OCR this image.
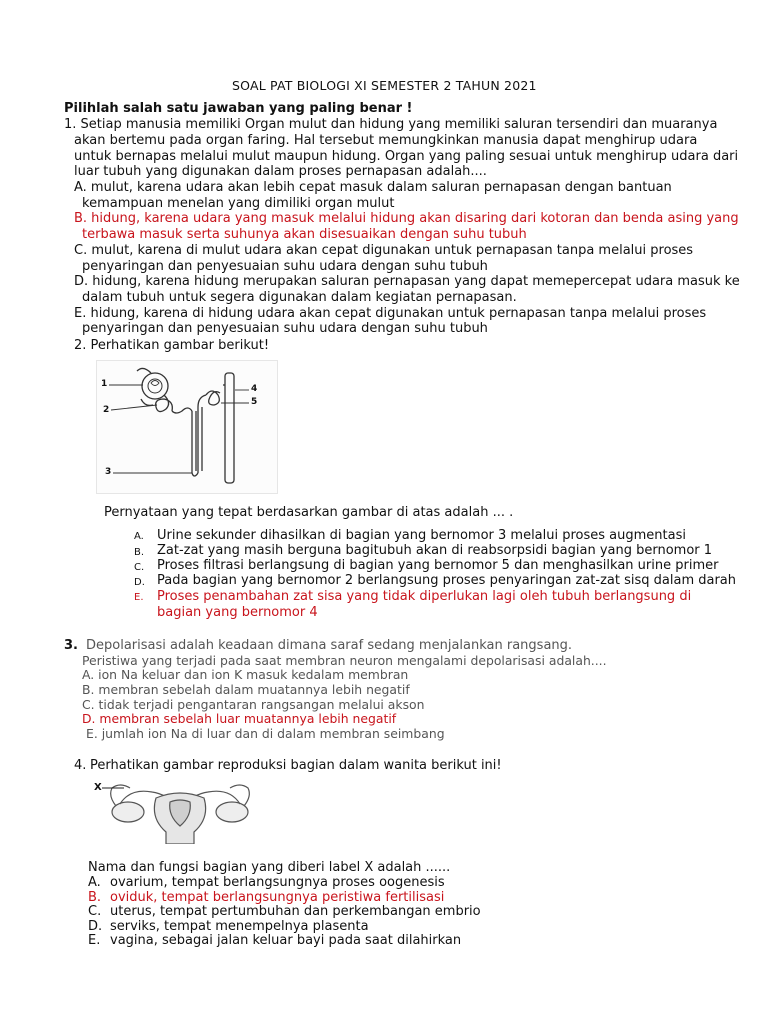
SOAL PAT BIOLOGI XI SEMESTER 2 TAHUN 2021
Pilihlah salah satu jawaban yang paling benar !
1. Setiap manusia memiliki Organ mulut dan hidung yang memiliki saluran tersendiri dan muaranya
akan bertemu pada organ faring. Hal tersebut memungkinkan manusia dapat menghirup udara
untuk bernapas melalui mulut maupun hidung. Organ yang paling sesuai untuk menghirup udara dari
luar tubuh yang digunakan dalam proses pernapasan adalah....
A. mulut, karena udara akan lebih cepat masuk dalam saluran pernapasan dengan bantuan
kemampuan menelan yang dimiliki organ mulut
B. hidung, karena udara yang masuk melalui hidung akan disaring dari kotoran dan benda asing yang
terbawa masuk serta suhunya akan disesuaikan dengan suhu tubuh
C. mulut, karena di mulut udara akan cepat digunakan untuk pernapasan tanpa melalui proses
penyaringan dan penyesuaian suhu udara dengan suhu tubuh
D. hidung, karena hidung merupakan saluran pernapasan yang dapat memepercepat udara masuk ke
dalam tubuh untuk segera digunakan dalam kegiatan pernapasan.
E. hidung, karena di hidung udara akan cepat digunakan untuk pernapasan tanpa melalui proses
penyaringan dan penyesuaian suhu udara dengan suhu tubuh
2. Perhatikan gambar berikut!
1
2
3
4
5
Pernyataan yang tepat berdasarkan gambar di atas adalah ... .
A. Urine sekunder dihasilkan di bagian yang bernomor 3 melalui proses augmentasi
B. Zat-zat yang masih berguna bagitubuh akan di reabsorpsidi bagian yang bernomor 1
C. Proses filtrasi berlangsung di bagian yang bernomor 5 dan menghasilkan urine primer
D. Pada bagian yang bernomor 2 berlangsung proses penyaringan zat-zat sisq dalam darah
E. Proses penambahan zat sisa yang tidak diperlukan lagi oleh tubuh berlangsung di
bagian yang bernomor 4
3. Depolarisasi adalah keadaan dimana saraf sedang menjalankan rangsang.
Peristiwa yang terjadi pada saat membran neuron mengalami depolarisasi adalah....
A. ion Na keluar dan ion K masuk kedalam membran
B. membran sebelah dalam muatannya lebih negatif
C. tidak terjadi pengantaran rangsangan melalui akson
D. membran sebelah luar muatannya lebih negatif
E. jumlah ion Na di luar dan di dalam membran seimbang
4. Perhatikan gambar reproduksi bagian dalam wanita berikut ini!
X
Nama dan fungsi bagian yang diberi label X adalah ......
A. ovarium, tempat berlangsungnya proses oogenesis
B. oviduk, tempat berlangsungnya peristiwa fertilisasi
C. uterus, tempat pertumbuhan dan perkembangan embrio
D. serviks, tempat menempelnya plasenta
E. vagina, sebagai jalan keluar bayi pada saat dilahirkan
